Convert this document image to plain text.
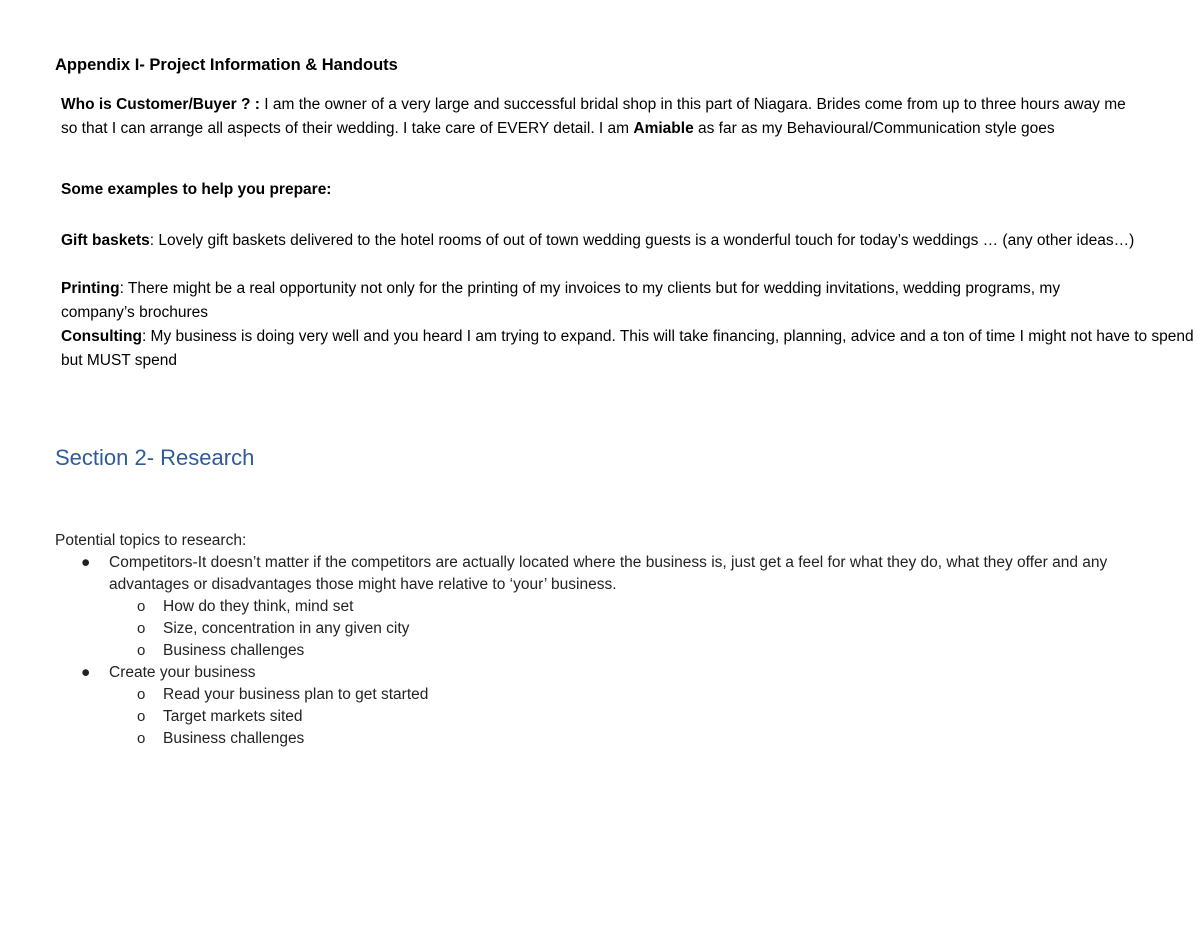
Appendix I- Project Information & Handouts
Who is Customer/Buyer ? : I am the owner of a very large and successful bridal shop in this part of Niagara. Brides come from up to three hours away me so that I can arrange all aspects of their wedding. I take care of EVERY detail. I am Amiable as far as my Behavioural/Communication style goes
Some examples to help you prepare:
Gift baskets: Lovely gift baskets delivered to the hotel rooms of out of town wedding guests is a wonderful touch for today’s weddings … (any other ideas…)
Printing: There might be a real opportunity not only for the printing of my invoices to my clients but for wedding invitations, wedding programs, my company’s brochures
Consulting: My business is doing very well and you heard I am trying to expand. This will take financing, planning, advice and a ton of time I might not have to spend but MUST spend
Section 2- Research
Potential topics to research:
● Competitors-It doesn’t matter if the competitors are actually located where the business is, just get a feel for what they do, what they offer and any advantages or disadvantages those might have relative to ‘your’ business.
o How do they think, mind set
o Size, concentration in any given city
o Business challenges
● Create your business
o Read your business plan to get started
o Target markets sited
o Business challenges
